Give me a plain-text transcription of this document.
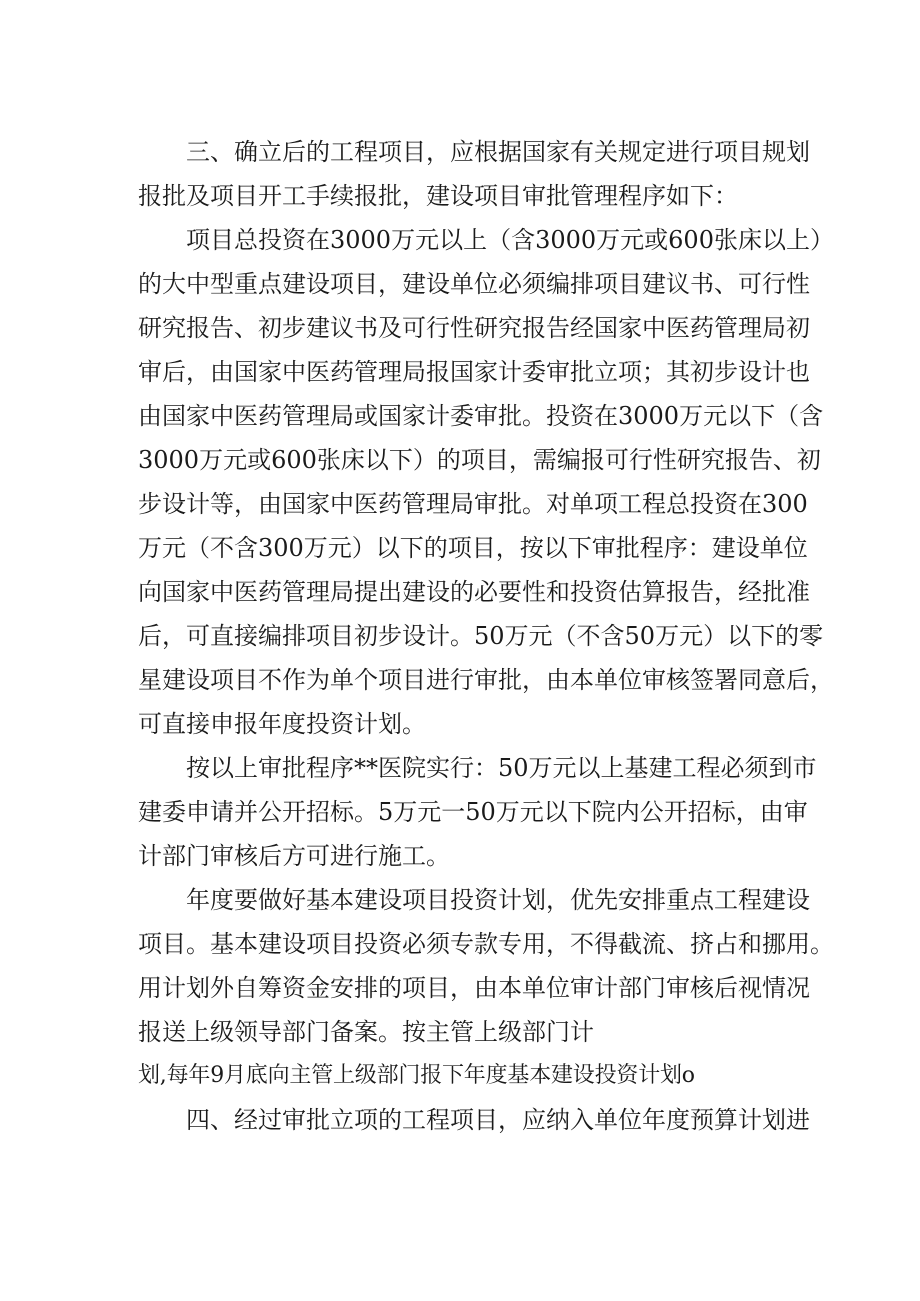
三、确立后的工程项目，应根据国家有关规定进行项目规划
报批及项目开工手续报批，建设项目审批管理程序如下：
项目总投资在3000万元以上（含3000万元或600张床以上）
的大中型重点建设项目，建设单位必须编排项目建议书、可行性
研究报告、初步建议书及可行性研究报告经国家中医药管理局初
审后，由国家中医药管理局报国家计委审批立项；其初步设计也
由国家中医药管理局或国家计委审批。投资在3000万元以下（含
3000万元或600张床以下）的项目，需编报可行性研究报告、初
步设计等，由国家中医药管理局审批。对单项工程总投资在300
万元（不含300万元）以下的项目，按以下审批程序：建设单位
向国家中医药管理局提出建设的必要性和投资估算报告，经批准
后，可直接编排项目初步设计。50万元（不含50万元）以下的零
星建设项目不作为单个项目进行审批，由本单位审核签署同意后，
可直接申报年度投资计划。
按以上审批程序**医院实行：50万元以上基建工程必须到市
建委申请并公开招标。5万元一50万元以下院内公开招标，由审
计部门审核后方可进行施工。
年度要做好基本建设项目投资计划，优先安排重点工程建设
项目。基本建设项目投资必须专款专用，不得截流、挤占和挪用。
用计划外自筹资金安排的项目，由本单位审计部门审核后视情况
报送上级领导部门备案。按主管上级部门计
划,每年9月底向主管上级部门报下年度基本建设投资计划o
四、经过审批立项的工程项目，应纳入单位年度预算计划进
